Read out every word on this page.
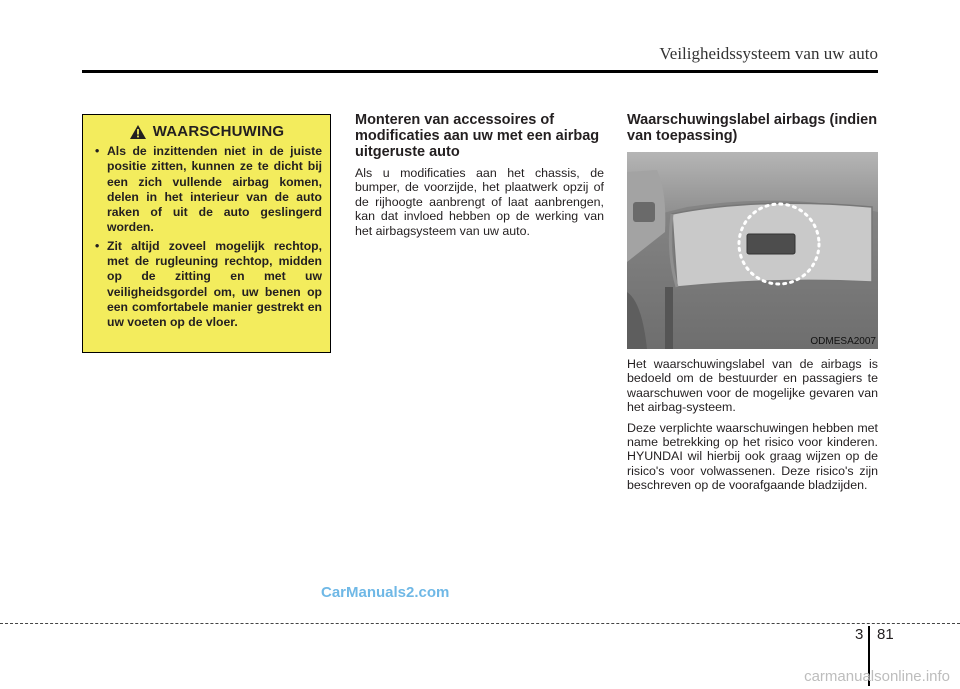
Veiligheidssysteem van uw auto
WAARSCHUWING
• Als de inzittenden niet in de juiste positie zitten, kunnen ze te dicht bij een zich vullende airbag komen, delen in het interieur van de auto raken of uit de auto geslingerd worden.
• Zit altijd zoveel mogelijk rechtop, met de rugleuning rechtop, midden op de zitting en met uw veiligheidsgordel om, uw benen op een comfortabele manier gestrekt en uw voeten op de vloer.
Monteren van accessoires of modificaties aan uw met een airbag uitgeruste auto

Als u modificaties aan het chassis, de bumper, de voorzijde, het plaatwerk opzij of de rijhoogte aanbrengt of laat aanbrengen, kan dat invloed hebben op de werking van het airbagsysteem van uw auto.

Waarschuwingslabel airbags (indien van toepassing)
ODMESA2007

Het waarschuwingslabel van de airbags is bedoeld om de bestuurder en passagiers te waarschuwen voor de mogelijke gevaren van het airbag-systeem.

Deze verplichte waarschuwingen hebben met name betrekking op het risico voor kinderen. HYUNDAI wil hierbij ook graag wijzen op de risico's voor volwassenen. Deze risico's zijn beschreven op de voorafgaande bladzijden.

CarManuals2.com
3 81
carmanualsonline.info
